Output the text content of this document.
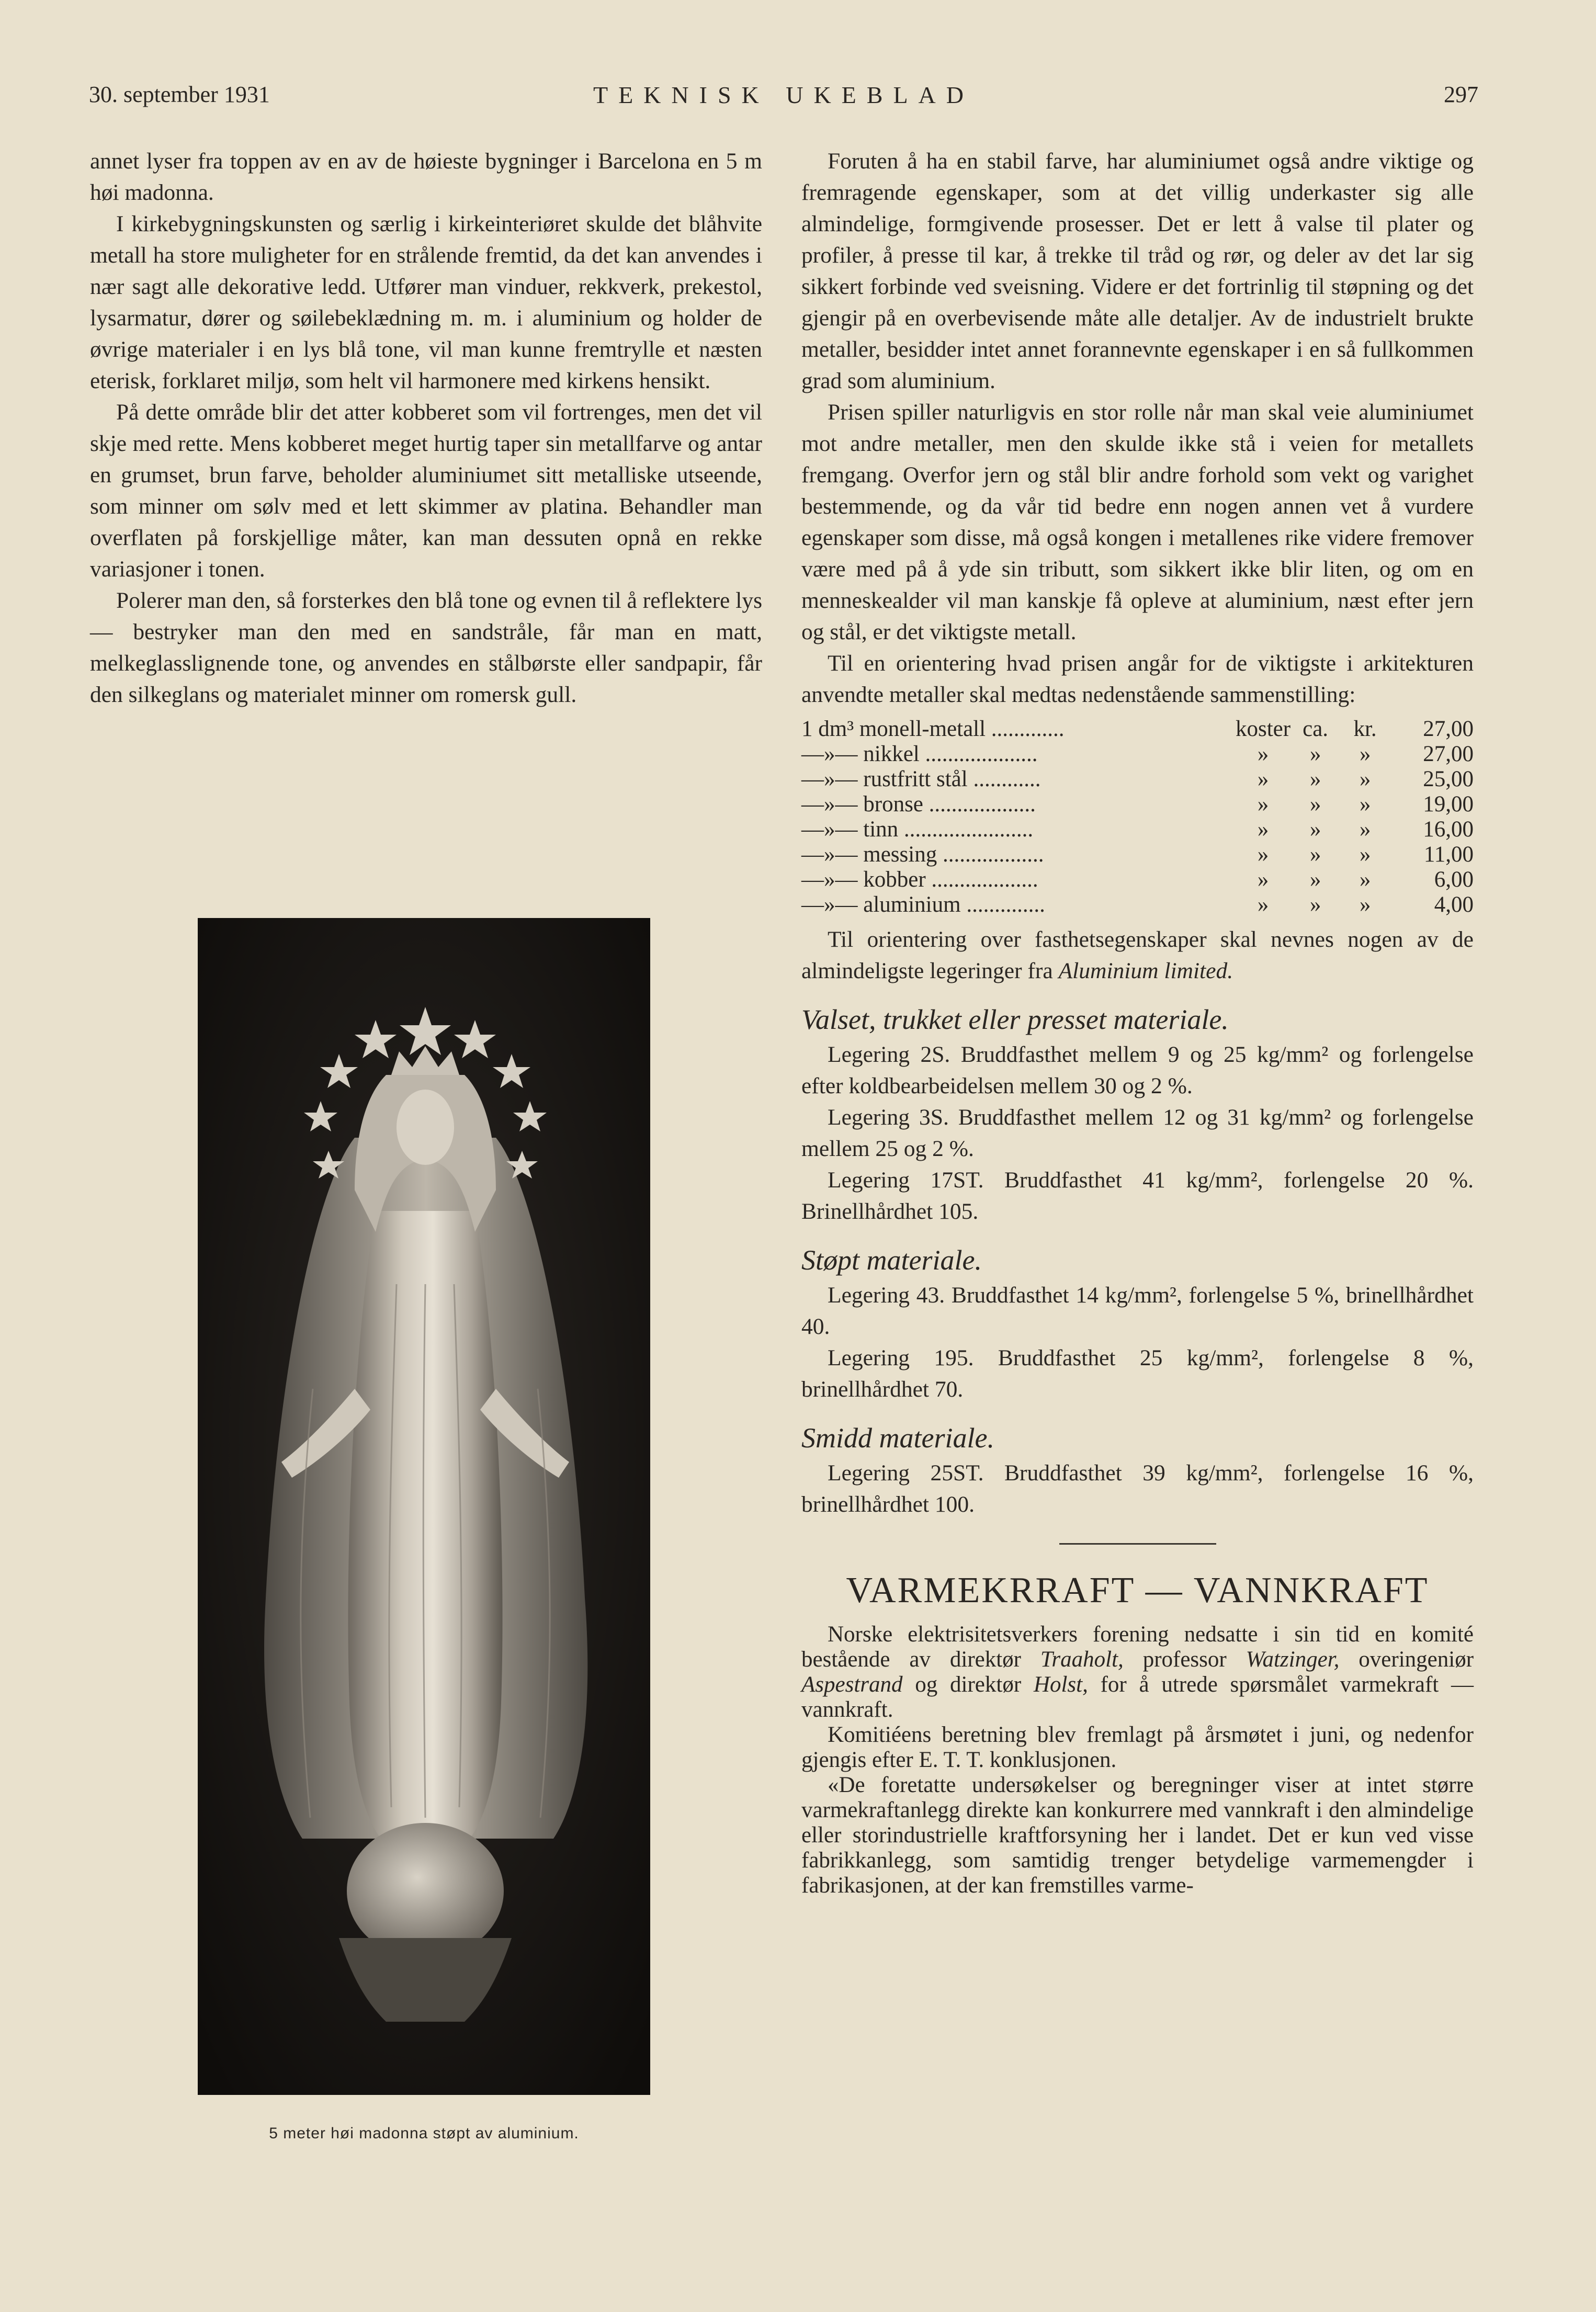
30. september 1931	TEKNISK UKEBLAD	297

annet lyser fra toppen av en av de høieste bygninger i Barcelona en 5 m høi madonna.

I kirkebygningskunsten og særlig i kirkeinteriøret skulde det blåhvite metall ha store muligheter for en strålende fremtid, da det kan anvendes i nær sagt alle dekorative ledd. Utfører man vinduer, rekkverk, prekestol, lysarmatur, dører og søilebeklædning m. m. i aluminium og holder de øvrige materialer i en lys blå tone, vil man kunne fremtrylle et næsten eterisk, forklaret miljø, som helt vil harmonere med kirkens hensikt.

På dette område blir det atter kobberet som vil fortrenges, men det vil skje med rette. Mens kobberet meget hurtig taper sin metallfarve og antar en grumset, brun farve, beholder aluminiumet sitt metalliske utseende, som minner om sølv med et lett skimmer av platina. Behandler man overflaten på forskjellige måter, kan man dessuten opnå en rekke variasjoner i tonen.

Polerer man den, så forsterkes den blå tone og evnen til å reflektere lys — bestryker man den med en sandstråle, får man en matt, melkeglasslignende tone, og anvendes en stålbørste eller sandpapir, får den silkeglans og materialet minner om romersk gull.

5 meter høi madonna støpt av aluminium.

Foruten å ha en stabil farve, har aluminiumet også andre viktige og fremragende egenskaper, som at det villig underkaster sig alle almindelige, formgivende prosesser. Det er lett å valse til plater og profiler, å presse til kar, å trekke til tråd og rør, og deler av det lar sig sikkert forbinde ved sveisning. Videre er det fortrinlig til støpning og det gjengir på en overbevisende måte alle detaljer. Av de industrielt brukte metaller, besidder intet annet forannevnte egenskaper i en så fullkommen grad som aluminium.

Prisen spiller naturligvis en stor rolle når man skal veie aluminiumet mot andre metaller, men den skulde ikke stå i veien for metallets fremgang. Overfor jern og stål blir andre forhold som vekt og varighet bestemmende, og da vår tid bedre enn nogen annen vet å vurdere egenskaper som disse, må også kongen i metallenes rike videre fremover være med på å yde sin tributt, som sikkert ikke blir liten, og om en menneskealder vil man kanskje få opleve at aluminium, næst efter jern og stål, er det viktigste metall.

Til en orientering hvad prisen angår for de viktigste i arkitekturen anvendte metaller skal medtas nedenstående sammenstilling:

1 dm³ monell-metall .............	koster	ca.	kr.	27,00
—»— nikkel ....................	»	»	»	27,00
—»— rustfritt stål ............	»	»	»	25,00
—»— bronse ...................	»	»	»	19,00
—»— tinn .......................	»	»	»	16,00
—»— messing ..................	»	»	»	11,00
—»— kobber ...................	»	»	»	6,00
—»— aluminium ..............	»	»	»	4,00

Til orientering over fasthetsegenskaper skal nevnes nogen av de almindeligste legeringer fra Aluminium limited.

Valset, trukket eller presset materiale.

Legering 2S. Bruddfasthet mellem 9 og 25 kg/mm² og forlengelse efter koldbearbeidelsen mellem 30 og 2 %.

Legering 3S. Bruddfasthet mellem 12 og 31 kg/mm² og forlengelse mellem 25 og 2 %.

Legering 17ST. Bruddfasthet 41 kg/mm², forlengelse 20 %. Brinellhårdhet 105.

Støpt materiale.

Legering 43. Bruddfasthet 14 kg/mm², forlengelse 5 %, brinellhårdhet 40.

Legering 195. Bruddfasthet 25 kg/mm², forlengelse 8 %, brinellhårdhet 70.

Smidd materiale.

Legering 25ST. Bruddfasthet 39 kg/mm², forlengelse 16 %, brinellhårdhet 100.

VARMEKRRAFT — VANNKRAFT

Norske elektrisitetsverkers forening nedsatte i sin tid en komité bestående av direktør Traaholt, professor Watzinger, overingeniør Aspestrand og direktør Holst, for å utrede spørsmålet varmekraft — vannkraft.

Komitiéens beretning blev fremlagt på årsmøtet i juni, og nedenfor gjengis efter E. T. T. konklusjonen.

«De foretatte undersøkelser og beregninger viser at intet større varmekraftanlegg direkte kan konkurrere med vannkraft i den almindelige eller storindustrielle kraftforsyning her i landet. Det er kun ved visse fabrikkanlegg, som samtidig trenger betydelige varmemengder i fabrikasjonen, at der kan fremstilles varme-
